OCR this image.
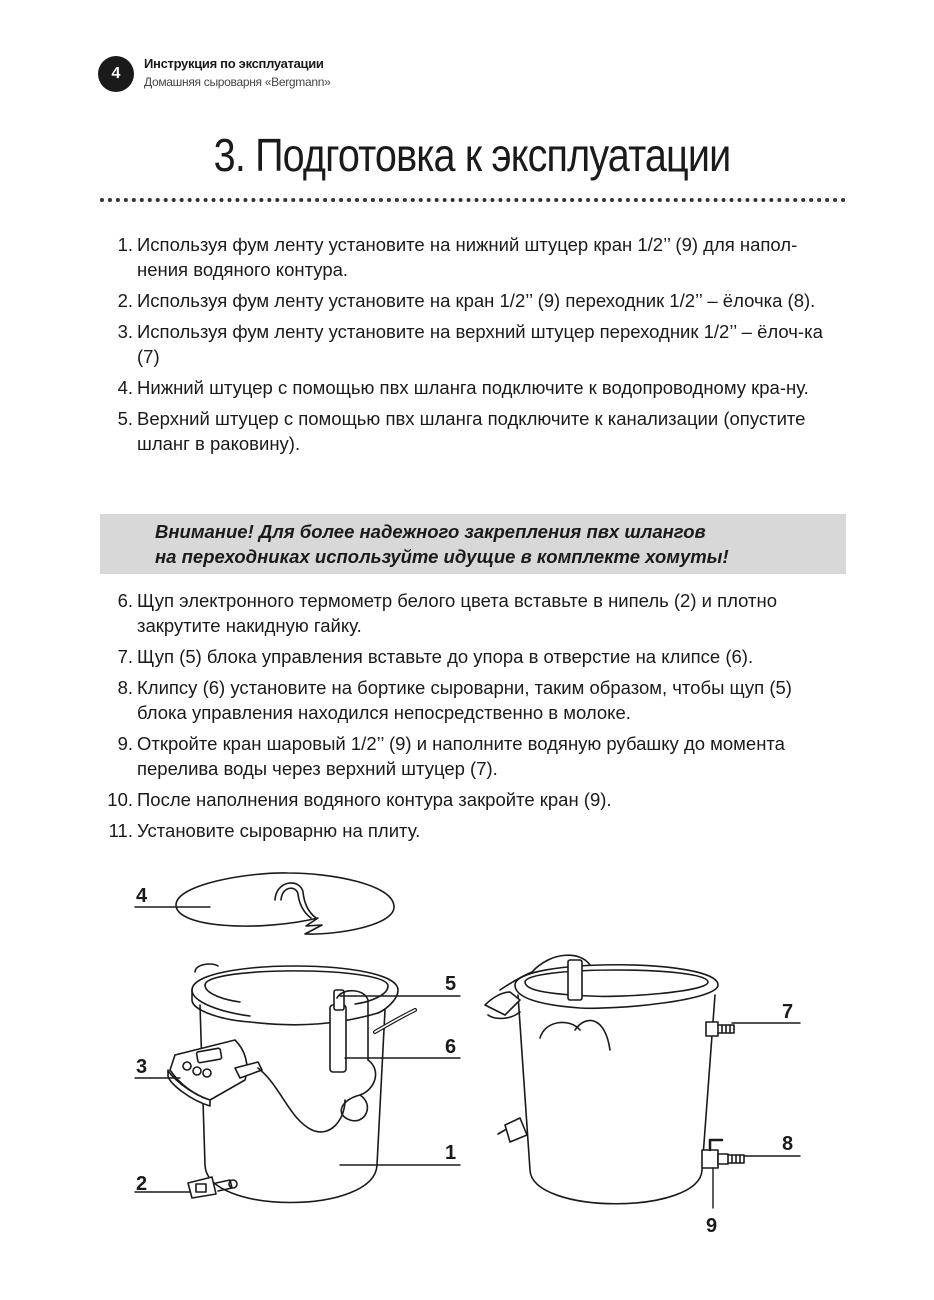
4
Инструкция по эксплуатации
Домашняя сыроварня «Bergmann»
3. Подготовка к эксплуатации
1. Используя фум ленту установите на нижний штуцер кран 1/2’’ (9) для напол-нения водяного контура.
2. Используя фум ленту установите на кран 1/2’’ (9) переходник 1/2’’ – ёлочка (8).
3. Используя фум ленту установите на верхний штуцер переходник 1/2’’ – ёлоч-ка (7)
4. Нижний штуцер с помощью пвх шланга подключите к водопроводному кра-ну.
5. Верхний штуцер с помощью пвх шланга подключите к канализации (опустите шланг в раковину).
Внимание! Для более надежного закрепления пвх шлангов
на переходниках используйте идущие в комплекте хомуты!
6. Щуп электронного термометр белого цвета вставьте в нипель (2) и плотно закрутите накидную гайку.
7. Щуп (5) блока управления вставьте до упора в отверстие на клипсе (6).
8. Клипсу (6) установите на бортике сыроварни, таким образом, чтобы щуп (5) блока управления находился непосредственно в молоке.
9. Откройте кран шаровый 1/2’’ (9) и наполните водяную рубашку до момента перелива воды через верхний штуцер (7).
10. После наполнения водяного контура закройте кран (9).
11. Установите сыроварню на плиту.
4
3
2
5
6
1
7
8
9
